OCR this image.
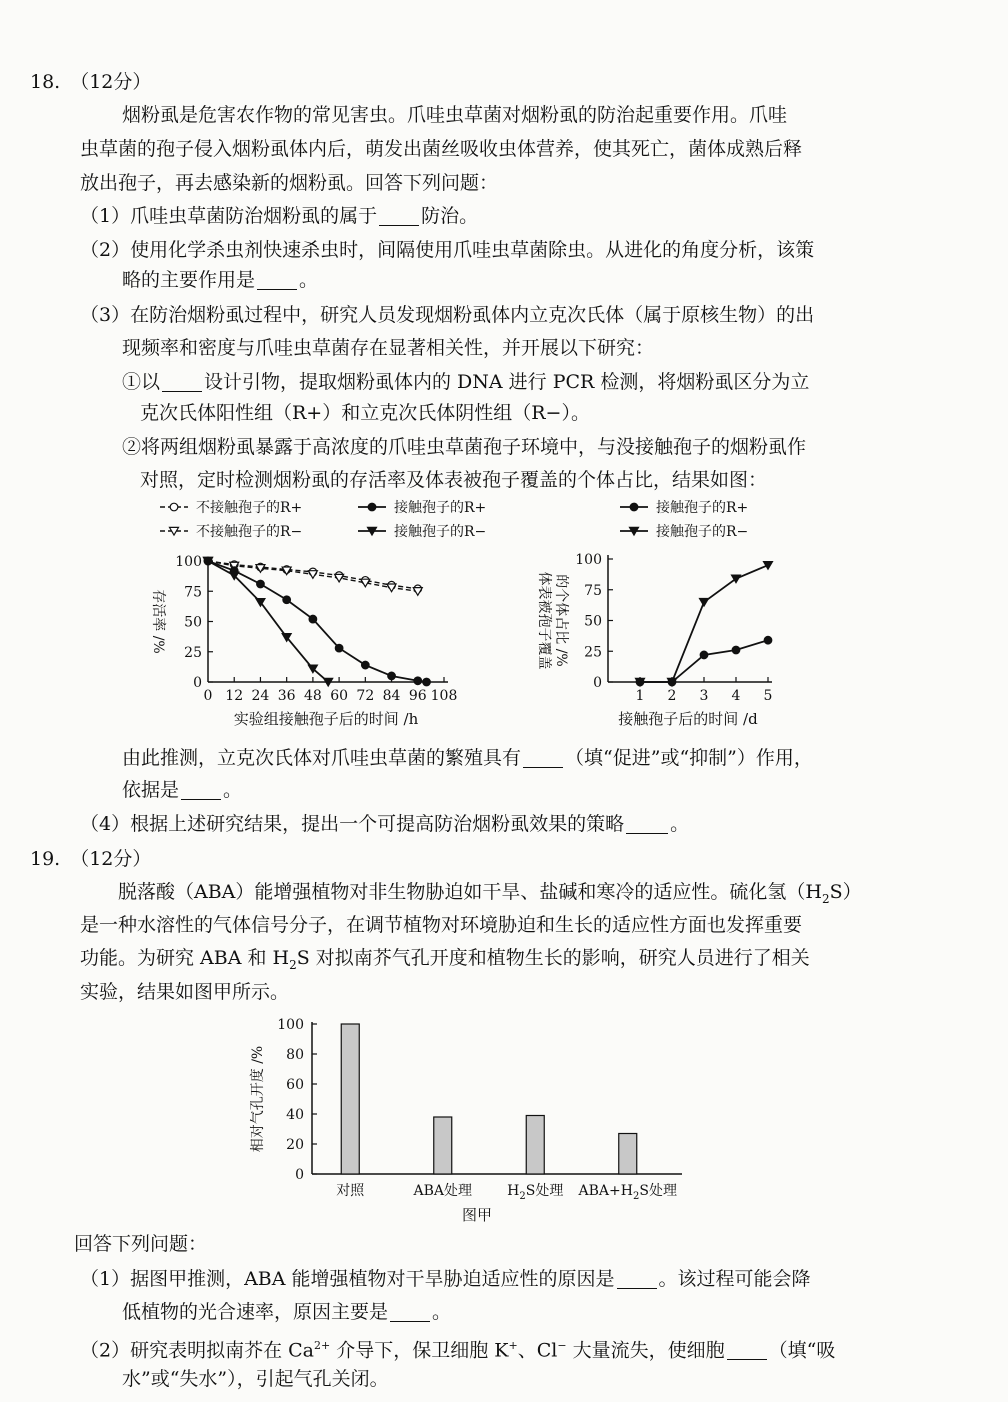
18. （12分）
烟粉虱是危害农作物的常见害虫。爪哇虫草菌对烟粉虱的防治起重要作用。爪哇
虫草菌的孢子侵入烟粉虱体内后，萌发出菌丝吸收虫体营养，使其死亡，菌体成熟后释
放出孢子，再去感染新的烟粉虱。回答下列问题：
（1）爪哇虫草菌防治烟粉虱的属于 防治。
（2）使用化学杀虫剂快速杀虫时，间隔使用爪哇虫草菌除虫。从进化的角度分析，该策
略的主要作用是 。
（3）在防治烟粉虱过程中，研究人员发现烟粉虱体内立克次氏体（属于原核生物）的出
现频率和密度与爪哇虫草菌存在显著相关性，并开展以下研究：
①以 设计引物，提取烟粉虱体内的 DNA 进行 PCR 检测，将烟粉虱区分为立
克次氏体阳性组（R+）和立克次氏体阴性组（R−）。
②将两组烟粉虱暴露于高浓度的爪哇虫草菌孢子环境中，与没接触孢子的烟粉虱作
对照，定时检测烟粉虱的存活率及体表被孢子覆盖的个体占比，结果如图：
0
25
50
75
100
0 12 24 36 48 60 72 84 96 108
实验组接触孢子后的时间 /h
存活率 /%
不接触孢子的R+
不接触孢子的R−
接触孢子的R+
接触孢子的R−
0
25
50
75
100
1 2 3 4 5
接触孢子后的时间 /d
体表被孢子覆盖 的个体占比 /%
接触孢子的R+
接触孢子的R−
由此推测，立克次氏体对爪哇虫草菌的繁殖具有 （填“促进”或“抑制”）作用，
依据是 。
（4）根据上述研究结果，提出一个可提高防治烟粉虱效果的策略 。
19. （12分）
脱落酸（ABA）能增强植物对非生物胁迫如干旱、盐碱和寒冷的适应性。硫化氢$(H_2S)$
是一种水溶性的气体信号分子，在调节植物对环境胁迫和生长的适应性方面也发挥重要
功能。为研究 ABA 和 $H_2S$ 对拟南芥气孔开度和植物生长的影响，研究人员进行了相关
实验，结果如图甲所示。
0
20
40
60
80
100
相对气孔开度 /%
对照	ABA处理	$H_2S$处理 $ABA+H_2S$处理
图甲
回答下列问题：
（1）据图甲推测，ABA 能增强植物对干旱胁迫适应性的原因是 。该过程可能会降
低植物的光合速率，原因主要是 。
（2）研究表明拟南芥在 $Ca^{2+}$ 介导下，保卫细胞 K+、Cl− 大量流失，使细胞 （填“吸
水”或“失水”），引起气孔关闭。
